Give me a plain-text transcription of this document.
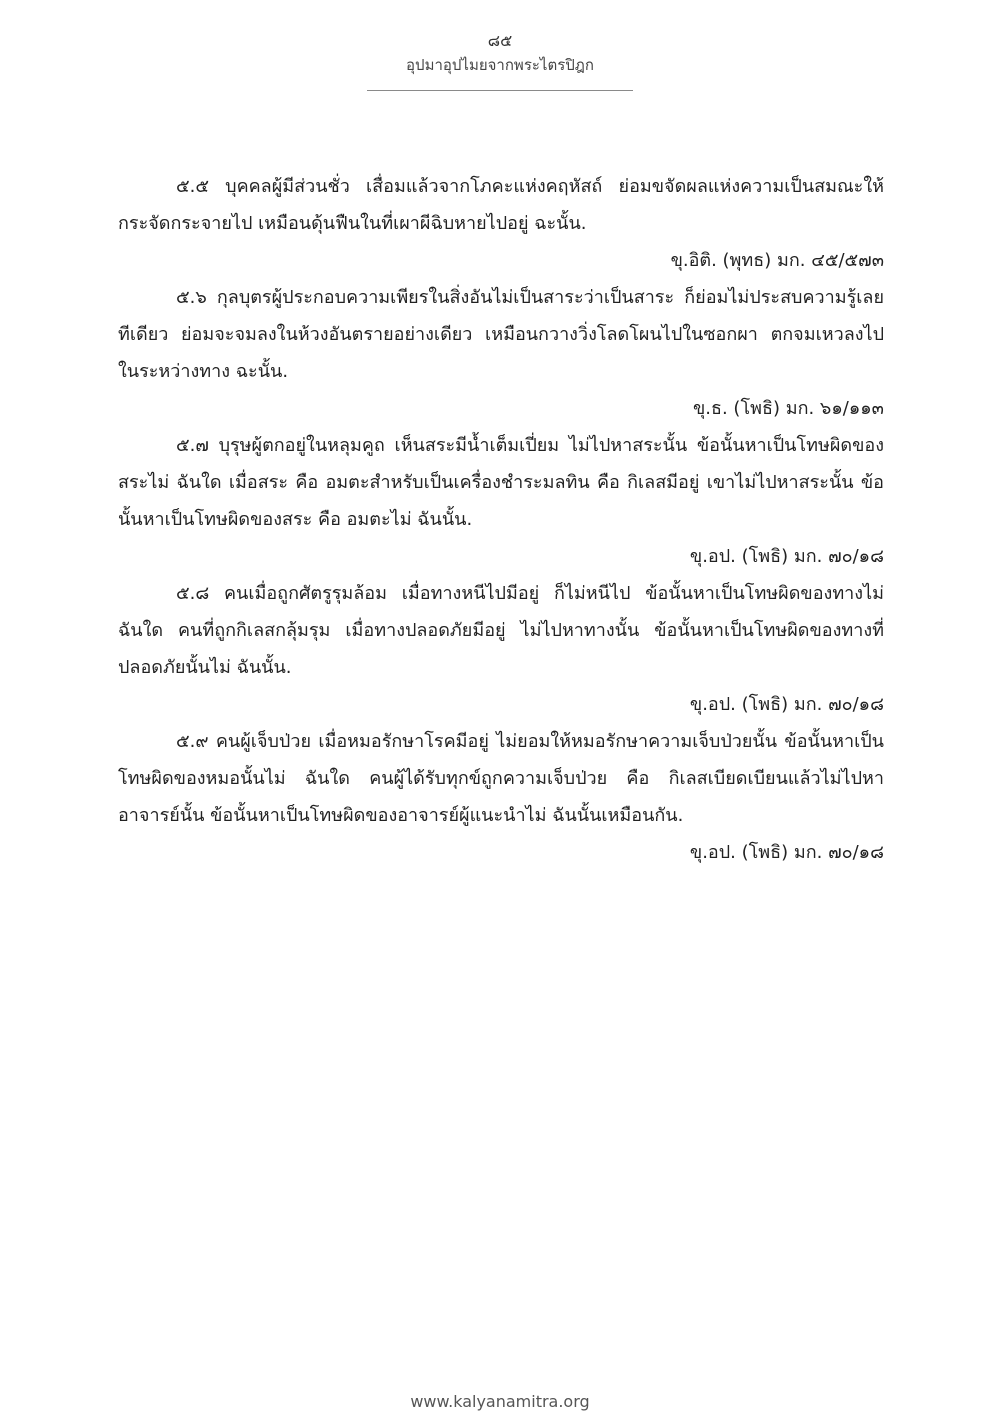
๘๕
อุปมาอุปไมยจากพระไตรปิฎก

๕.๕ บุคคลผู้มีส่วนชั่ว เสื่อมแล้วจากโภคะแห่งคฤหัสถ์ ย่อมขจัดผลแห่งความเป็นสมณะให้กระจัดกระจายไป เหมือนดุ้นฟืนในที่เผาผีฉิบหายไปอยู่ ฉะนั้น.

ขุ.อิติ. (พุทธ) มก. ๔๕/๕๗๓

๕.๖ กุลบุตรผู้ประกอบความเพียรในสิ่งอันไม่เป็นสาระว่าเป็นสาระ ก็ย่อมไม่ประสบความรู้เลยทีเดียว ย่อมจะจมลงในห้วงอันตรายอย่างเดียว เหมือนกวางวิ่งโลดโผนไปในซอกผา ตกจมเหวลงไปในระหว่างทาง ฉะนั้น.

ขุ.ธ. (โพธิ) มก. ๖๑/๑๑๓

๕.๗ บุรุษผู้ตกอยู่ในหลุมคูถ เห็นสระมีน้ำเต็มเปี่ยม ไม่ไปหาสระนั้น ข้อนั้นหาเป็นโทษผิดของสระไม่ ฉันใด เมื่อสระ คือ อมตะสำหรับเป็นเครื่องชำระมลทิน คือ กิเลสมีอยู่ เขาไม่ไปหาสระนั้น ข้อนั้นหาเป็นโทษผิดของสระ คือ อมตะไม่ ฉันนั้น.

ขุ.อป. (โพธิ) มก. ๗๐/๑๘

๕.๘ คนเมื่อถูกศัตรูรุมล้อม เมื่อทางหนีไปมีอยู่ ก็ไม่หนีไป ข้อนั้นหาเป็นโทษผิดของทางไม่ ฉันใด คนที่ถูกกิเลสกลุ้มรุม เมื่อทางปลอดภัยมีอยู่ ไม่ไปหาทางนั้น ข้อนั้นหาเป็นโทษผิดของทางที่ปลอดภัยนั้นไม่ ฉันนั้น.

ขุ.อป. (โพธิ) มก. ๗๐/๑๘

๕.๙ คนผู้เจ็บป่วย เมื่อหมอรักษาโรคมีอยู่ ไม่ยอมให้หมอรักษาความเจ็บป่วยนั้น ข้อนั้นหาเป็นโทษผิดของหมอนั้นไม่ ฉันใด คนผู้ได้รับทุกข์ถูกความเจ็บป่วย คือ กิเลสเบียดเบียนแล้วไม่ไปหาอาจารย์นั้น ข้อนั้นหาเป็นโทษผิดของอาจารย์ผู้แนะนำไม่ ฉันนั้นเหมือนกัน.

ขุ.อป. (โพธิ) มก. ๗๐/๑๘

www.kalyanamitra.org
